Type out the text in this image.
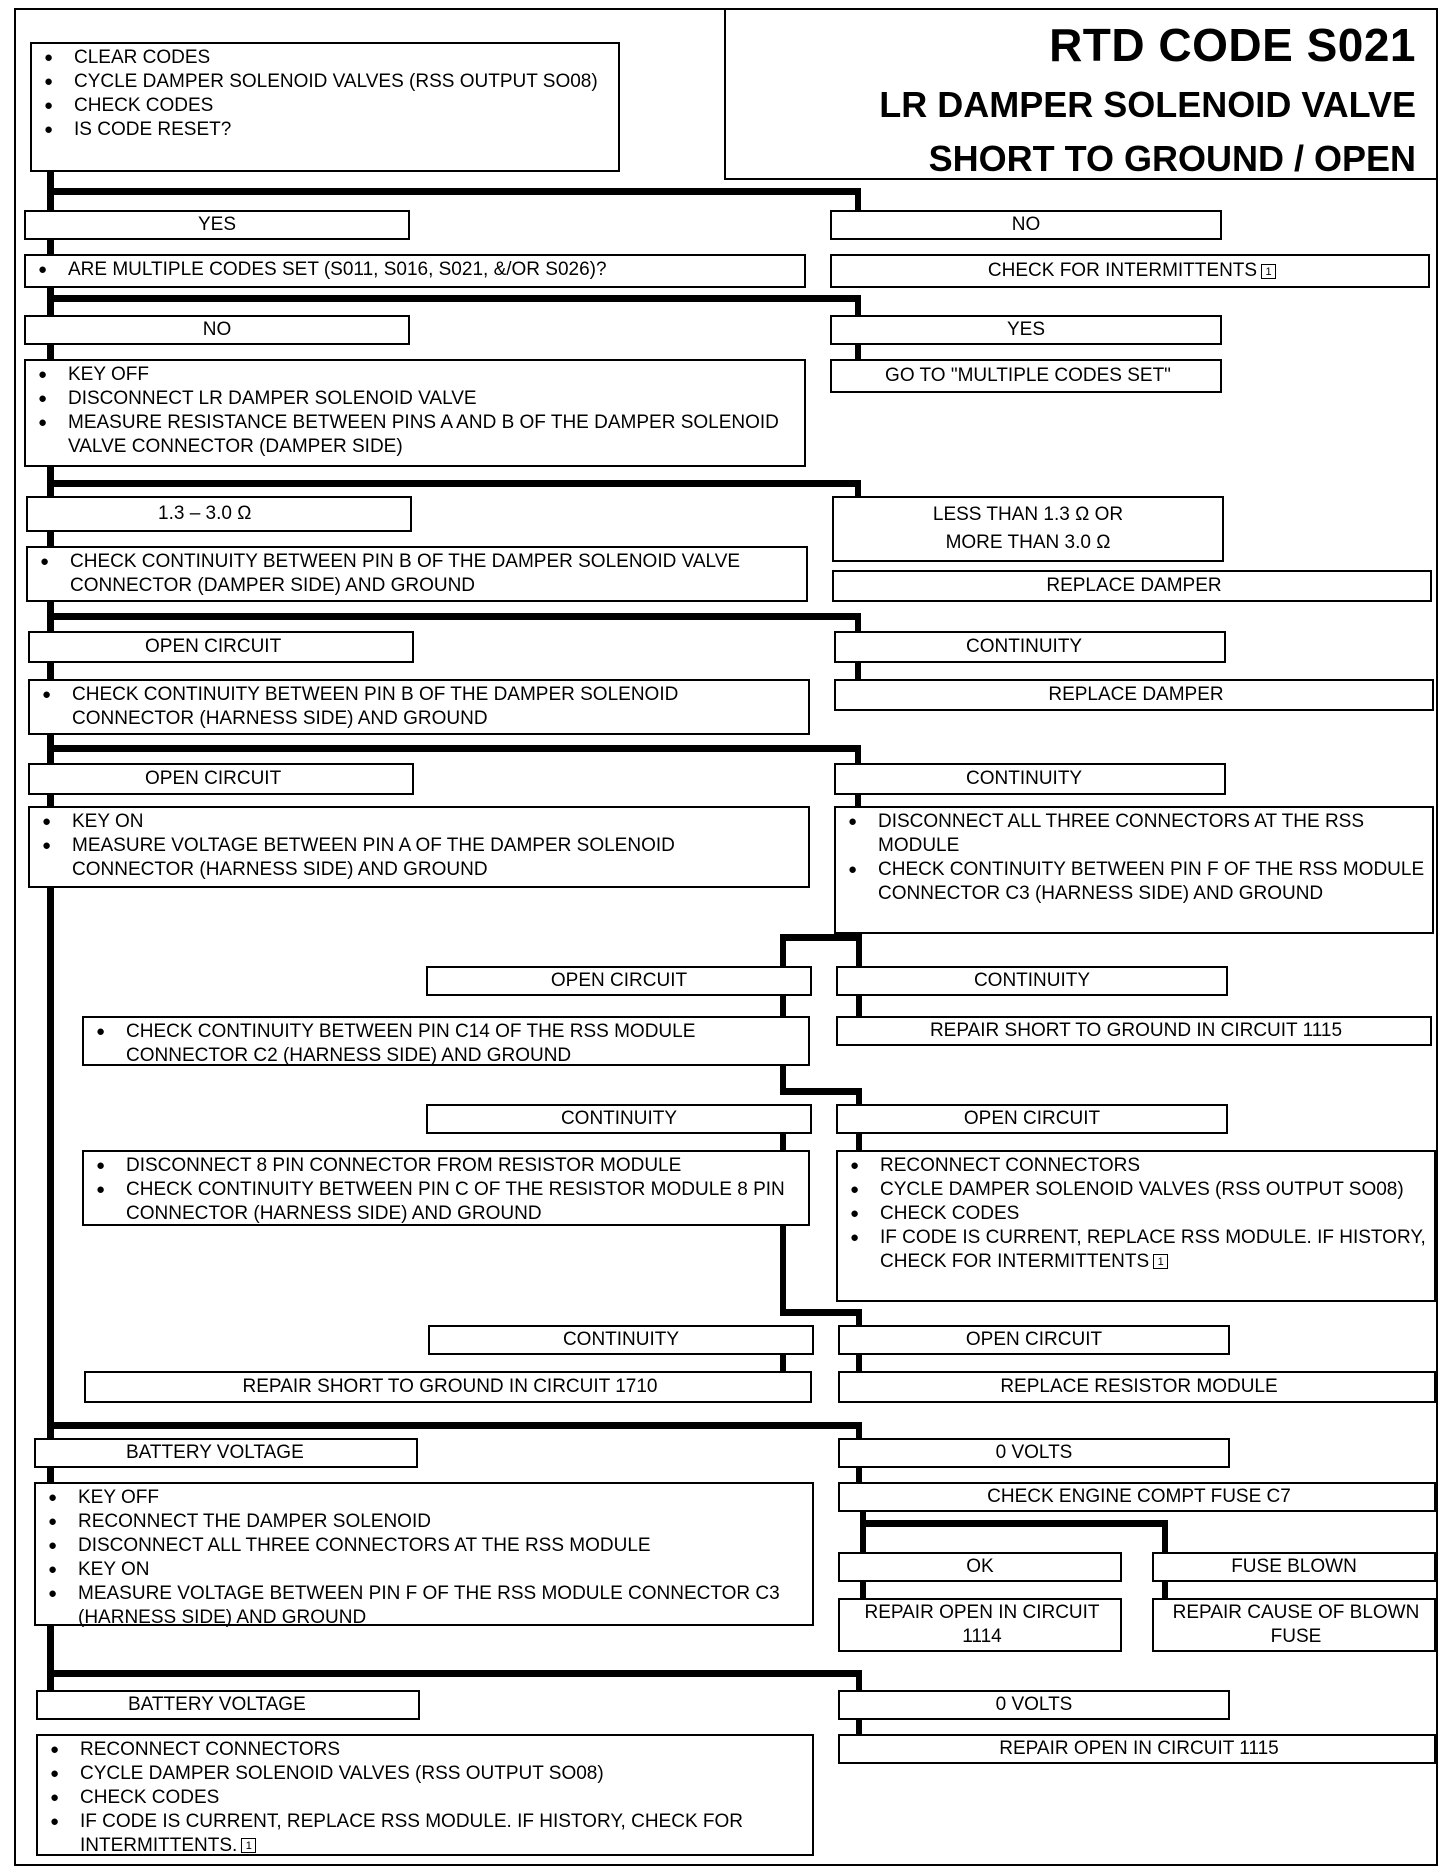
RTD CODE S021
LR DAMPER SOLENOID VALVE
SHORT TO GROUND / OPEN
● CLEAR CODES
● CYCLE DAMPER SOLENOID VALVES (RSS OUTPUT SO08)
● CHECK CODES
● IS CODE RESET?
YES	NO
● ARE MULTIPLE CODES SET (S011, S016, S021, &/OR S026)?	CHECK FOR INTERMITTENTS 1
NO	YES
● KEY OFF
● DISCONNECT LR DAMPER SOLENOID VALVE
● MEASURE RESISTANCE BETWEEN PINS A AND B OF THE DAMPER SOLENOID VALVE CONNECTOR (DAMPER SIDE)
GO TO "MULTIPLE CODES SET"
1.3 – 3.0 Ω	LESS THAN 1.3 Ω OR
MORE THAN 3.0 Ω
● CHECK CONTINUITY BETWEEN PIN B OF THE DAMPER SOLENOID VALVE CONNECTOR (DAMPER SIDE) AND GROUND	REPLACE DAMPER
OPEN CIRCUIT	CONTINUITY
● CHECK CONTINUITY BETWEEN PIN B OF THE DAMPER SOLENOID CONNECTOR (HARNESS SIDE) AND GROUND
REPLACE DAMPER
OPEN CIRCUIT	CONTINUITY
● KEY ON
● MEASURE VOLTAGE BETWEEN PIN A OF THE DAMPER SOLENOID CONNECTOR (HARNESS SIDE) AND GROUND
● DISCONNECT ALL THREE CONNECTORS AT THE RSS MODULE
● CHECK CONTINUITY BETWEEN PIN F OF THE RSS MODULE CONNECTOR C3 (HARNESS SIDE) AND GROUND
OPEN CIRCUIT	CONTINUITY
● CHECK CONTINUITY BETWEEN PIN C14 OF THE RSS MODULE CONNECTOR C2 (HARNESS SIDE) AND GROUND
REPAIR SHORT TO GROUND IN CIRCUIT 1115
CONTINUITY	OPEN CIRCUIT
● DISCONNECT 8 PIN CONNECTOR FROM RESISTOR MODULE
● CHECK CONTINUITY BETWEEN PIN C OF THE RESISTOR MODULE 8 PIN CONNECTOR (HARNESS SIDE) AND GROUND
● RECONNECT CONNECTORS
● CYCLE DAMPER SOLENOID VALVES (RSS OUTPUT SO08)
● CHECK CODES
● IF CODE IS CURRENT, REPLACE RSS MODULE. IF HISTORY, CHECK FOR INTERMITTENTS 1
CONTINUITY	OPEN CIRCUIT
REPAIR SHORT TO GROUND IN CIRCUIT 1710	REPLACE RESISTOR MODULE
BATTERY VOLTAGE	0 VOLTS
● KEY OFF
● RECONNECT THE DAMPER SOLENOID
● DISCONNECT ALL THREE CONNECTORS AT THE RSS MODULE
● KEY ON
● MEASURE VOLTAGE BETWEEN PIN F OF THE RSS MODULE CONNECTOR C3 (HARNESS SIDE) AND GROUND
CHECK ENGINE COMPT FUSE C7
OK	FUSE BLOWN
REPAIR OPEN IN CIRCUIT 1114
REPAIR CAUSE OF BLOWN FUSE
BATTERY VOLTAGE	0 VOLTS
● RECONNECT CONNECTORS
● CYCLE DAMPER SOLENOID VALVES (RSS OUTPUT SO08)
● CHECK CODES
● IF CODE IS CURRENT, REPLACE RSS MODULE. IF HISTORY, CHECK FOR INTERMITTENTS. 1
REPAIR OPEN IN CIRCUIT 1115
